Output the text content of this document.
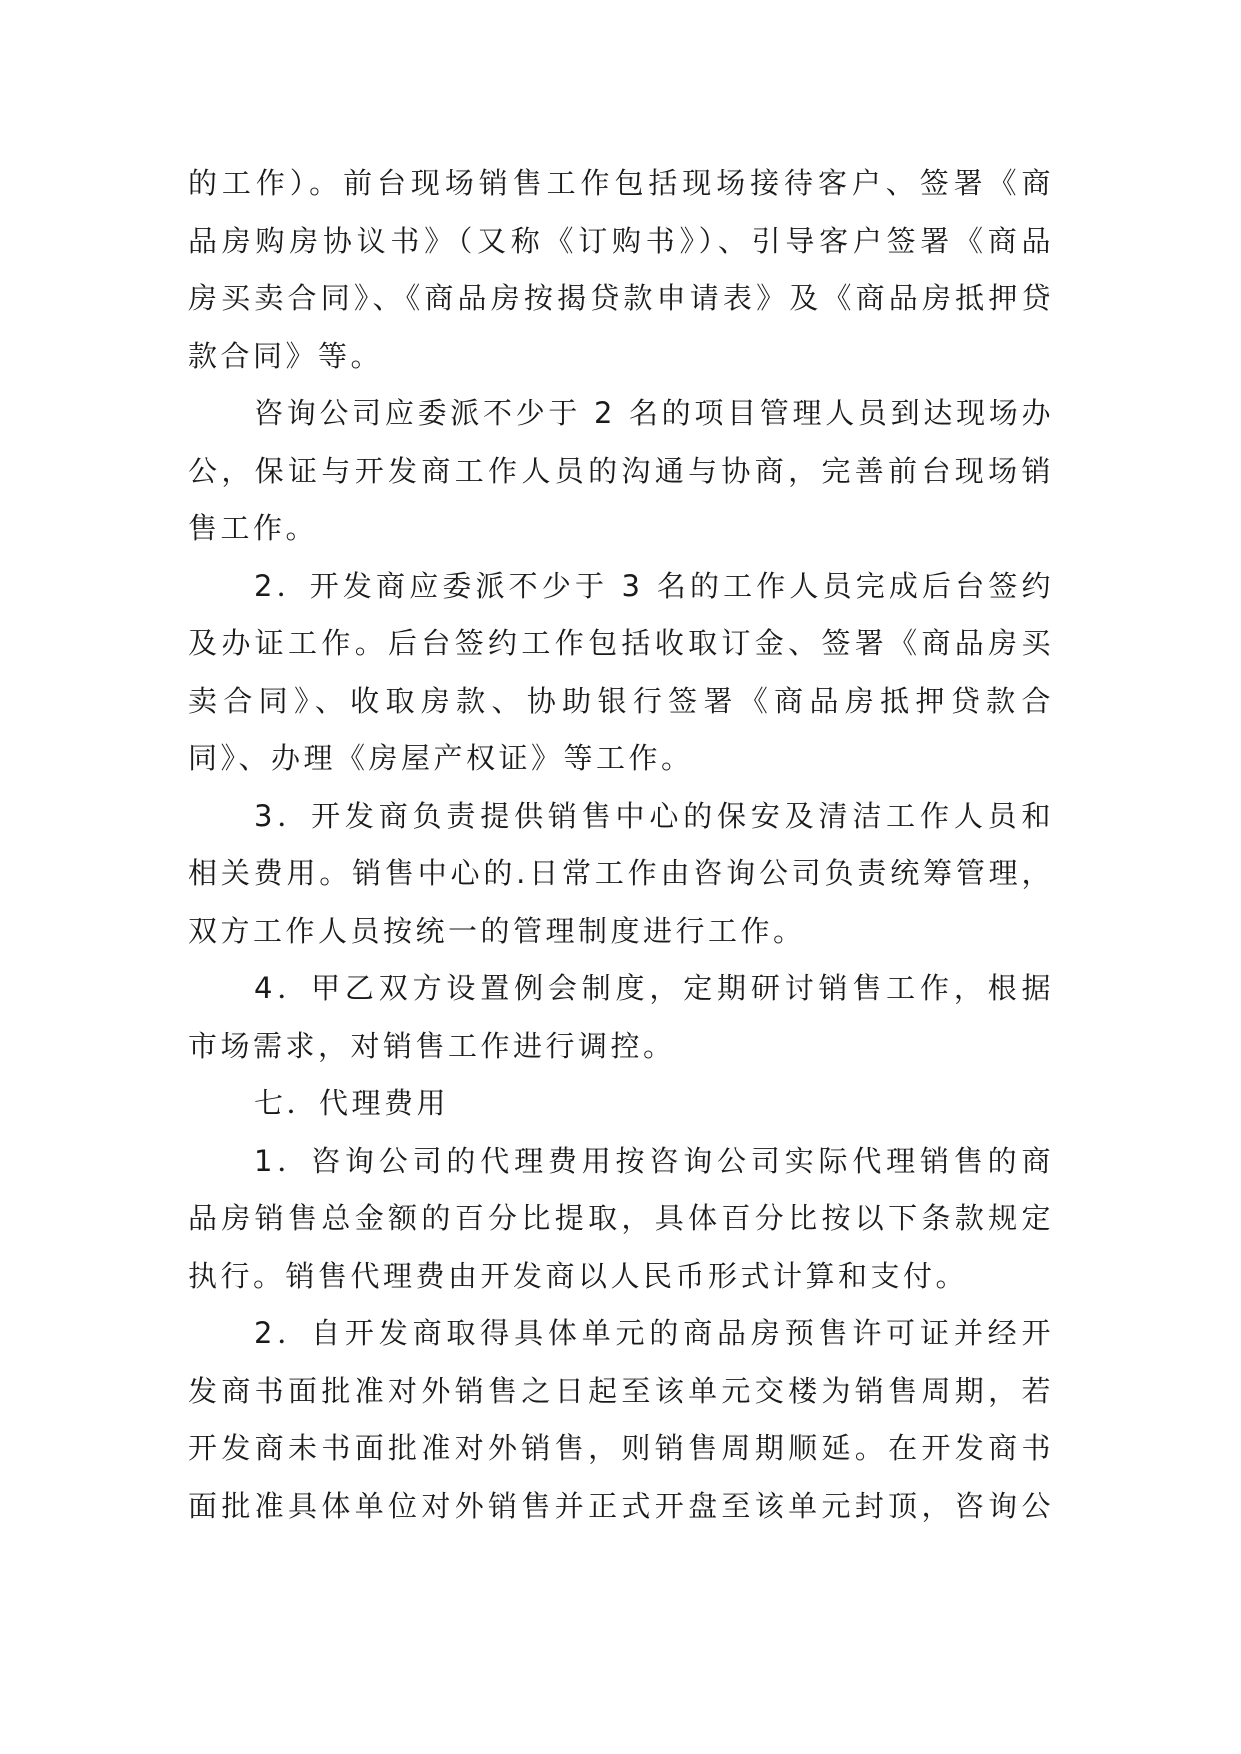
的工作）。前台现场销售工作包括现场接待客户、签署《商
品房购房协议书》（又称《订购书》）、引导客户签署《商品
房买卖合同》、《商品房按揭贷款申请表》及《商品房抵押贷
款合同》等。
咨询公司应委派不少于 2 名的项目管理人员到达现场办
公，保证与开发商工作人员的沟通与协商，完善前台现场销
售工作。
2．开发商应委派不少于 3 名的工作人员完成后台签约
及办证工作。后台签约工作包括收取订金、签署《商品房买
卖合同》、收取房款、协助银行签署《商品房抵押贷款合
同》、办理《房屋产权证》等工作。
3．开发商负责提供销售中心的保安及清洁工作人员和
相关费用。销售中心的.日常工作由咨询公司负责统筹管理，
双方工作人员按统一的管理制度进行工作。
4．甲乙双方设置例会制度，定期研讨销售工作，根据
市场需求，对销售工作进行调控。
七．代理费用
1．咨询公司的代理费用按咨询公司实际代理销售的商
品房销售总金额的百分比提取，具体百分比按以下条款规定
执行。销售代理费由开发商以人民币形式计算和支付。
2．自开发商取得具体单元的商品房预售许可证并经开
发商书面批准对外销售之日起至该单元交楼为销售周期，若
开发商未书面批准对外销售，则销售周期顺延。在开发商书
面批准具体单位对外销售并正式开盘至该单元封顶，咨询公
